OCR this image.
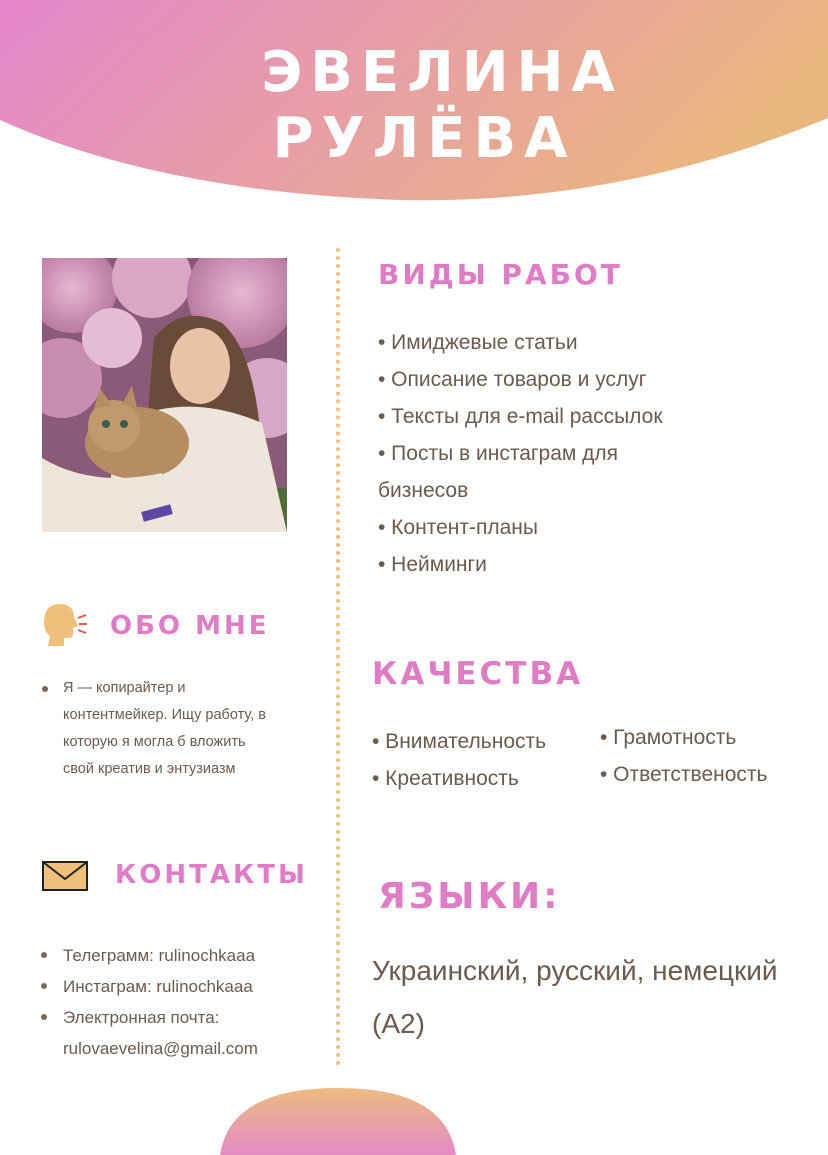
ЭВЕЛИНА
РУЛЁВА
ВИДЫ РАБОТ
• Имиджевые статьи
• Описание товаров и услуг
• Тексты для e-mail рассылок
• Посты в инстаграм для
бизнесов
• Контент-планы
• Нейминги
ОБО МНЕ
Я — копирайтер и
контентмейкер. Ищу работу, в
которую я могла б вложить
свой креатив и энтузиазм
КАЧЕСТВА
• Внимательность
• Креативность
• Грамотность
• Ответственость
КОНТАКТЫ
Телеграмм: rulinochkaaa
Инстаграм: rulinochkaaa
Электронная почта:
rulovaevelina@gmail.com
ЯЗЫКИ:
Украинский, русский, немецкий (A2)
